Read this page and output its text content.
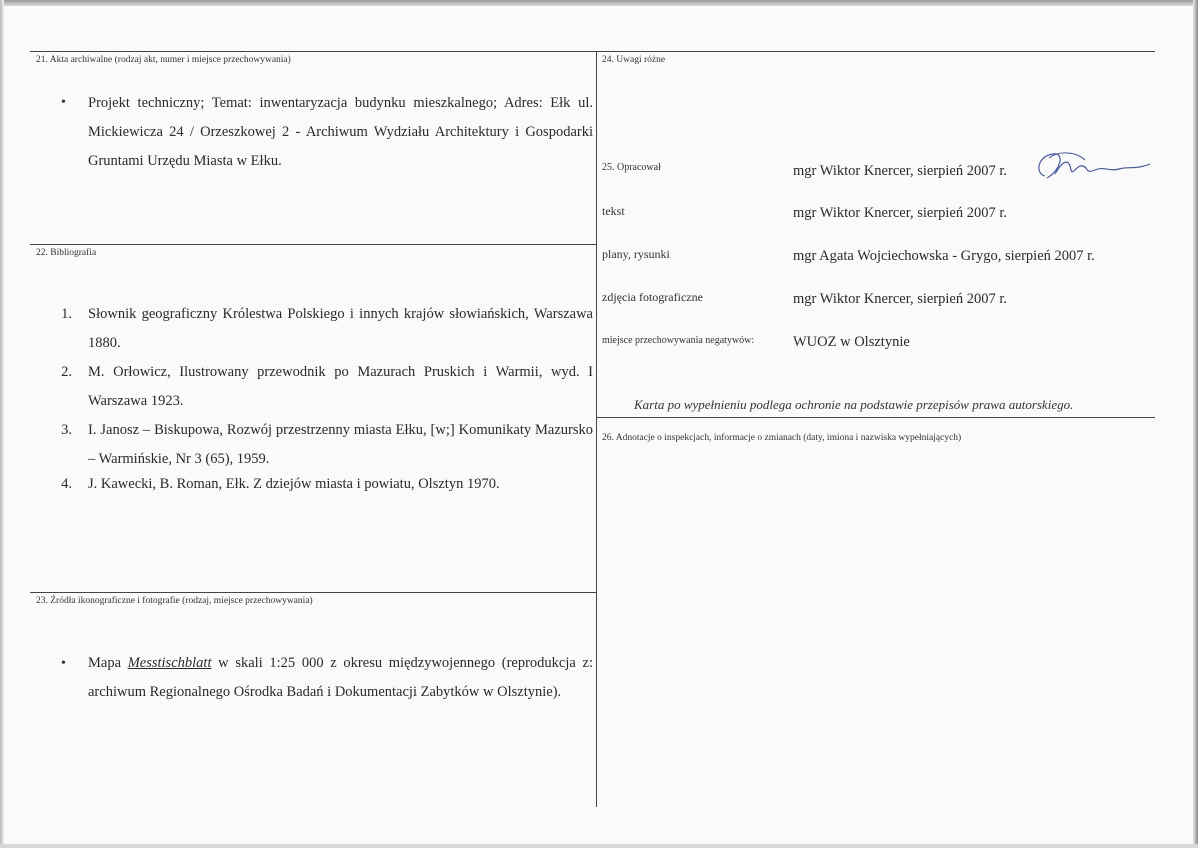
21. Akta archiwalne (rodzaj akt, numer i miejsce przechowywania)
• Projekt techniczny; Temat: inwentaryzacja budynku mieszkalnego; Adres: Ełk ul. Mickiewicza 24 / Orzeszkowej 2 - Archiwum Wydziału Architektury i Gospodarki Gruntami Urzędu Miasta w Ełku.
22. Bibliografia
1. Słownik geograficzny Królestwa Polskiego i innych krajów słowiańskich, Warszawa 1880.
2. M. Orłowicz, Ilustrowany przewodnik po Mazurach Pruskich i Warmii, wyd. I Warszawa 1923.
3. I. Janosz – Biskupowa, Rozwój przestrzenny miasta Ełku, [w;] Komunikaty Mazursko – Warmińskie, Nr 3 (65), 1959.
4. J. Kawecki, B. Roman, Ełk. Z dziejów miasta i powiatu, Olsztyn 1970.
23. Źródła ikonograficzne i fotografie (rodzaj, miejsce przechowywania)
• Mapa Messtischblatt w skali 1:25 000 z okresu międzywojennego (reprodukcja z: archiwum Regionalnego Ośrodka Badań i Dokumentacji Zabytków w Olsztynie).
24. Uwagi różne
25. Opracował	mgr Wiktor Knercer, sierpień 2007 r.
tekst	mgr Wiktor Knercer, sierpień 2007 r.
plany, rysunki	mgr Agata Wojciechowska - Grygo, sierpień 2007 r.
zdjęcia fotograficzne	mgr Wiktor Knercer, sierpień 2007 r.
miejsce przechowywania negatywów:	WUOZ w Olsztynie
Karta po wypełnieniu podlega ochronie na podstawie przepisów prawa autorskiego.
26. Adnotacje o inspekcjach, informacje o zmianach (daty, imiona i nazwiska wypełniających)
